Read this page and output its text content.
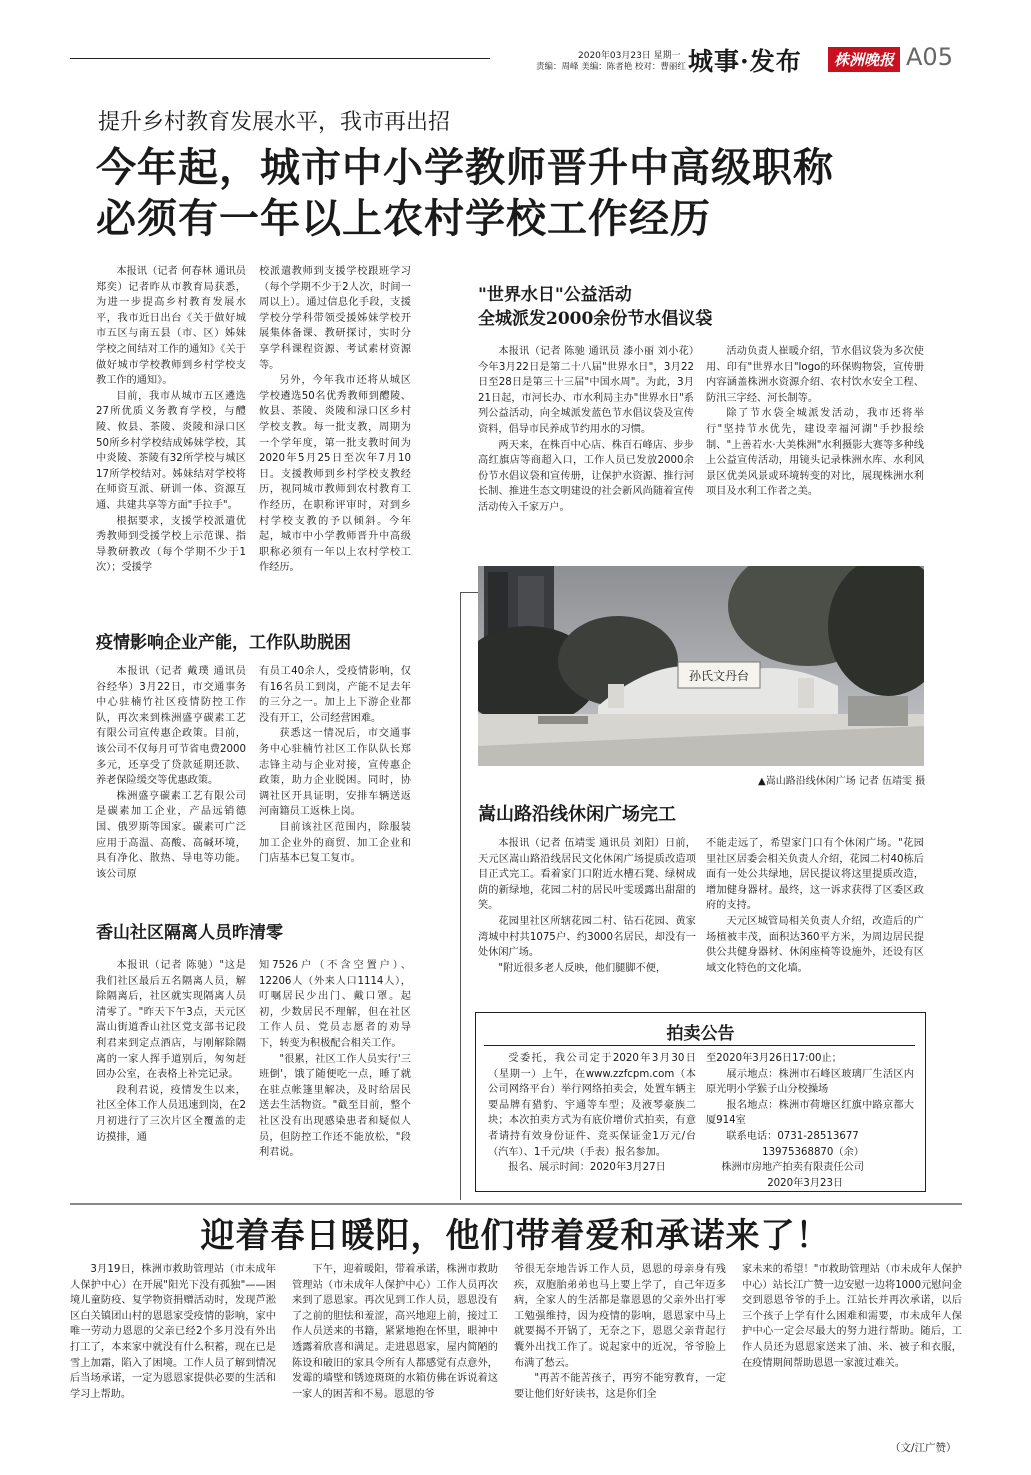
2020年03月23日 星期一
责编：周峰 美编：陈者艳 校对：曹丽红 城事·发布	株洲晚报 A05
提升乡村教育发展水平，我市再出招
今年起，城市中小学教师晋升中高级职称
必须有一年以上农村学校工作经历

本报讯（记者 何春林 通讯员 郑奕）记者昨从市教育局获悉，为进一步提高乡村教育发展水平，我市近日出台《关于做好城市五区与南五县（市、区）姊妹学校之间结对工作的通知》《关于做好城市学校教师到乡村学校支教工作的通知》。

目前，我市从城市五区遴选27所优质义务教育学校，与醴陵、攸县、茶陵、炎陵和渌口区50所乡村学校结成姊妹学校，其中炎陵、茶陵有32所学校与城区17所学校结对。姊妹结对学校将在师资互派、研训一体、资源互通、共建共享等方面"手拉手"。

根据要求，支援学校派遣优秀教师到受援学校上示范课、指导教研教改（每个学期不少于1次）；受援学

校派遣教师到支援学校跟班学习（每个学期不少于2人次，时间一周以上）。通过信息化手段，支援学校分学科带领受援姊妹学校开展集体备课、教研探讨，实时分享学科课程资源、考试素材资源等。

另外，今年我市还将从城区学校遴选50名优秀教师到醴陵、攸县、茶陵、炎陵和渌口区乡村学校支教。每一批支教，周期为一个学年度，第一批支教时间为2020年5月25日至次年7月10日。支援教师到乡村学校支教经历，视同城市教师到农村教育工作经历，在职称评审时，对到乡村学校支教的予以倾斜。今年起，城市中小学教师晋升中高级职称必须有一年以上农村学校工作经历。

"世界水日"公益活动
全城派发2000余份节水倡议袋

本报讯（记者 陈驰 通讯员 漆小丽 刘小花）今年3月22日是第二十八届"世界水日"，3月22日至28日是第三十三届"中国水周"。为此，3月21日起，市河长办、市水利局主办"世界水日"系列公益活动，向全城派发蓝色节水倡议袋及宣传资料，倡导市民养成节约用水的习惯。

两天来，在株百中心店、株百石峰店、步步高红旗店等商超入口，工作人员已发放2000余份节水倡议袋和宣传册，让保护水资源、推行河长制、推进生态文明建设的社会新风尚随着宣传活动传入千家万户。

活动负责人崔暖介绍，节水倡议袋为多次使用、印有"世界水日"logo的环保购物袋，宣传册内容涵盖株洲水资源介绍、农村饮水安全工程、防汛三字经、河长制等。

除了节水袋全城派发活动，我市还将举行"坚持节水优先，建设幸福河湖"手抄报绘制、"上善若水·大美株洲"水利摄影大赛等多种线上公益宣传活动，用镜头记录株洲水库、水利风景区优美风景或环境转变的对比，展现株洲水利项目及水利工作者之美。

疫情影响企业产能，工作队助脱困

本报讯（记者 戴璞 通讯员 谷经华）3月22日，市交通事务中心驻楠竹社区疫情防控工作队，再次来到株洲盛亨碳素工艺有限公司宣传惠企政策。目前，该公司不仅每月可节省电费2000多元，还享受了贷款延期还款、养老保险缓交等优惠政策。

株洲盛亨碳素工艺有限公司是碳素加工企业，产品远销德国、俄罗斯等国家。碳素可广泛应用于高温、高酸、高碱环境，具有净化、散热、导电等功能。该公司原

有员工40余人，受疫情影响，仅有16名员工到岗，产能不足去年的三分之一。加上上下游企业都没有开工，公司经营困难。

获悉这一情况后，市交通事务中心驻楠竹社区工作队队长郑志锋主动与企业对接，宣传惠企政策，助力企业脱困。同时，协调社区开具证明，安排车辆送返河南籍员工返株上岗。

目前该社区范围内，除服装加工企业外的商贸、加工企业和门店基本已复工复市。

香山社区隔离人员昨清零

本报讯（记者 陈驰）"这是我们社区最后五名隔离人员，解除隔离后，社区就实现隔离人员清零了。"昨天下午3点，天元区嵩山街道香山社区党支部书记段利君来到定点酒店，与刚解除隔离的一家人挥手道别后，匆匆赶回办公室，在表格上补完记录。

段利君说，疫情发生以来，社区全体工作人员迅速到岗，在2月初进行了三次片区全覆盖的走访摸排，通

知7526户（不含空置户）、12206人（外来人口1114人），叮嘱居民少出门、戴口罩。起初，少数居民不理解，但在社区工作人员、党员志愿者的劝导下，转变为积极配合相关工作。

"很累，社区工作人员实行'三班倒'，饿了随便吃一点，睡了就在驻点帐篷里解决，及时给居民送去生活物资。"截至目前，整个社区没有出现感染患者和疑似人员，但防控工作还不能放松，"段利君说。

孙氏文丹台
▲嵩山路沿线休闲广场 记者 伍靖雯 摄
嵩山路沿线休闲广场完工

本报讯（记者 伍靖雯 通讯员 刘阳）日前，天元区嵩山路沿线居民文化休闲广场提质改造项目正式完工。看着家门口附近水槽石凳、绿树成荫的新绿地，花园二村的居民叶雯瑗露出甜甜的笑。

花园里社区所辖花园二村、钻石花园、黄家湾城中村共1075户、约3000名居民，却没有一处休闲广场。

"附近很多老人反映，他们腿脚不便，

不能走远了，希望家门口有个休闲广场。"花园里社区居委会相关负责人介绍，花园二村40栋后面有一处公共绿地，居民提议将这里提质改造，增加健身器材。最终，这一诉求获得了区委区政府的支持。

天元区城管局相关负责人介绍，改造后的广场植被丰茂，面积达360平方米，为周边居民提供公共健身器材、休闲座椅等设施外，还设有区域文化特色的文化墙。

拍卖公告

受委托，我公司定于2020年3月30日（星期一）上午，在www.zzfcpm.com（本公司网络平台）举行网络拍卖会，处置车辆主要品牌有猎豹、宇通等车型；及液琴豪族二块；本次拍卖方式为有底价增价式拍卖，有意者请持有效身份证件、竞买保证金1万元/台（汽车）、1千元/块（手表）报名参加。

报名、展示时间：2020年3月27日

至2020年3月26日17:00止；
展示地点：株洲市石峰区玻璃厂生活区内原光明小学猴子山分校操场
报名地点：株洲市荷塘区红旗中路京都大厦914室
联系电话：0731-28513677
13975368870（余）
株洲市房地产拍卖有限责任公司
2020年3月23日
迎着春日暖阳，他们带着爱和承诺来了！

3月19日，株洲市救助管理站（市未成年人保护中心）在开展"阳光下没有孤独"——困境儿童防疫、复学物资捐赠活动时，发现芦淞区白关镇团山村的恩恩家受疫情的影响，家中唯一劳动力恩恩的父亲已经2个多月没有外出打工了，本来家中就没有什么积蓄，现在已是雪上加霜，陷入了困境。工作人员了解到情况后当场承诺，一定为恩恩家提供必要的生活和学习上帮助。

下午，迎着暖阳，带着承诺，株洲市救助管理站（市未成年人保护中心）工作人员再次来到了恩恩家。再次见到工作人员，恩恩没有了之前的胆怯和羞涩，高兴地迎上前，接过工作人员送来的书籍，紧紧地抱在怀里，眼神中透露着欣喜和满足。走进恩恩家，屋内简陋的陈设和破旧的家具令所有人都感觉有点意外，发霉的墙壁和锈迹斑斑的水箱仿佛在诉说着这一家人的困苦和不易。恩恩的爷

爷很无奈地告诉工作人员，恩恩的母亲身有残疾，双胞胎弟弟也马上要上学了，自己年迈多病，全家人的生活都是靠恩恩的父亲外出打零工勉强维持，因为疫情的影响，恩恩家中马上就要揭不开锅了，无奈之下，恩恩父亲背起行囊外出找工作了。说起家中的近况，爷爷脸上布满了愁云。

"再苦不能苦孩子，再穷不能穷教育，一定要让他们好好读书，这是你们全

家未来的希望！"市救助管理站（市未成年人保护中心）站长江广赞一边安慰一边将1000元慰问金交到恩恩爷爷的手上。江站长并再次承诺，以后三个孩子上学有什么困难和需要，市未成年人保护中心一定会尽最大的努力进行帮助。随后，工作人员还为恩恩家送来了油、米、被子和衣服，在疫情期间帮助恩恩一家渡过难关。

（文/江广赞）
